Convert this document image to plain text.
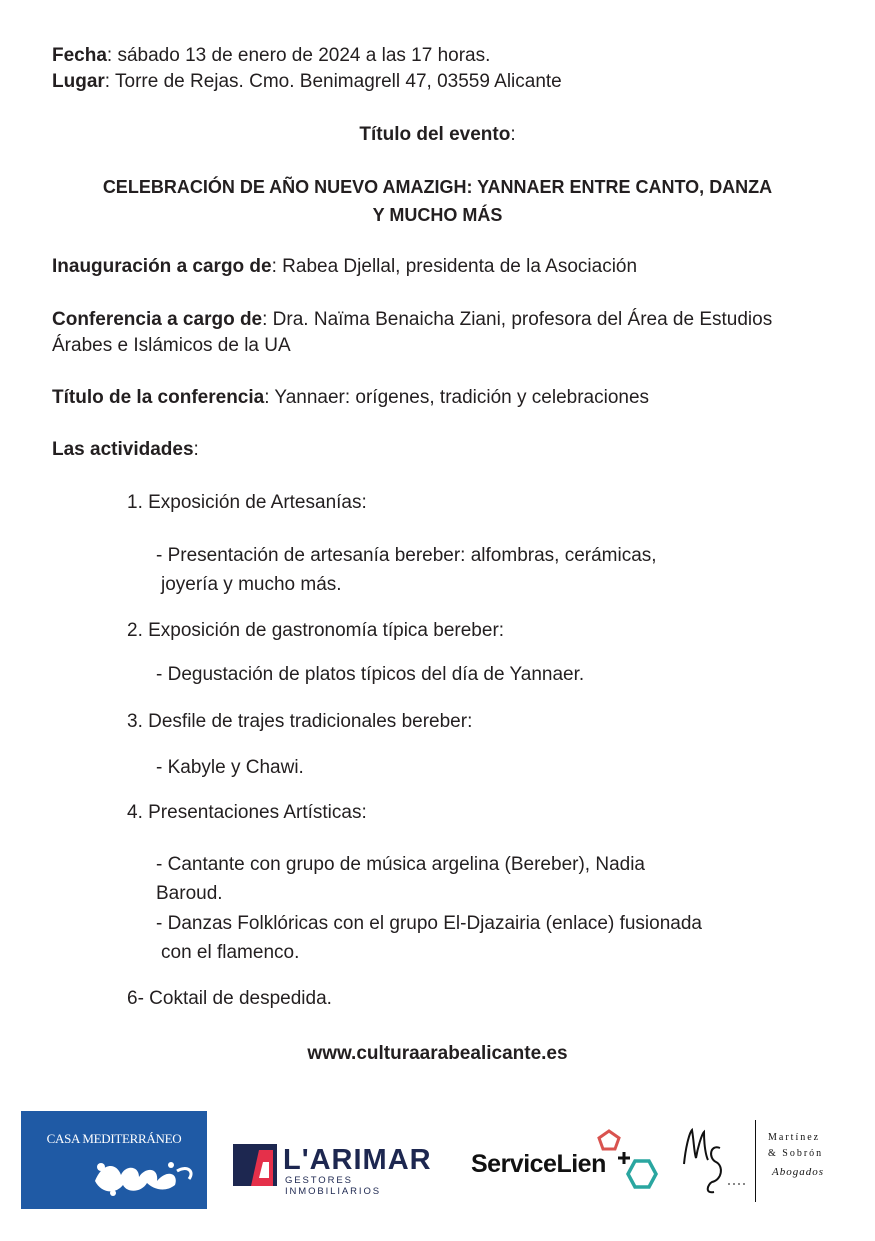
Fecha: sábado 13 de enero de 2024 a las 17 horas.
Lugar: Torre de Rejas. Cmo. Benimagrell 47, 03559 Alicante
Título del evento:
CELEBRACIÓN DE AÑO NUEVO AMAZIGH: YANNAER ENTRE CANTO, DANZA
Y MUCHO MÁS
Inauguración a cargo de: Rabea Djellal, presidenta de la Asociación
Conferencia a cargo de: Dra. Naïma Benaicha Ziani, profesora del Área de Estudios
Árabes e Islámicos de la UA
Título de la conferencia: Yannaer: orígenes, tradición y celebraciones
Las actividades:
1. Exposición de Artesanías:
- Presentación de artesanía bereber: alfombras, cerámicas,
joyería y mucho más.
2. Exposición de gastronomía típica bereber:
- Degustación de platos típicos del día de Yannaer.
3. Desfile de trajes tradicionales bereber:
- Kabyle y Chawi.
4. Presentaciones Artísticas:
- Cantante con grupo de música argelina (Bereber), Nadia
Baroud.
- Danzas Folklóricas con el grupo El-Djazairia (enlace) fusionada
con el flamenco.
6- Coktail de despedida.
www.culturaarabealicante.es
CASA MEDITERRÁNEO
L'ARIMAR
GESTORES INMOBILIARIOS
ServiceLien
Martínez
& Sobrón
Abogados
